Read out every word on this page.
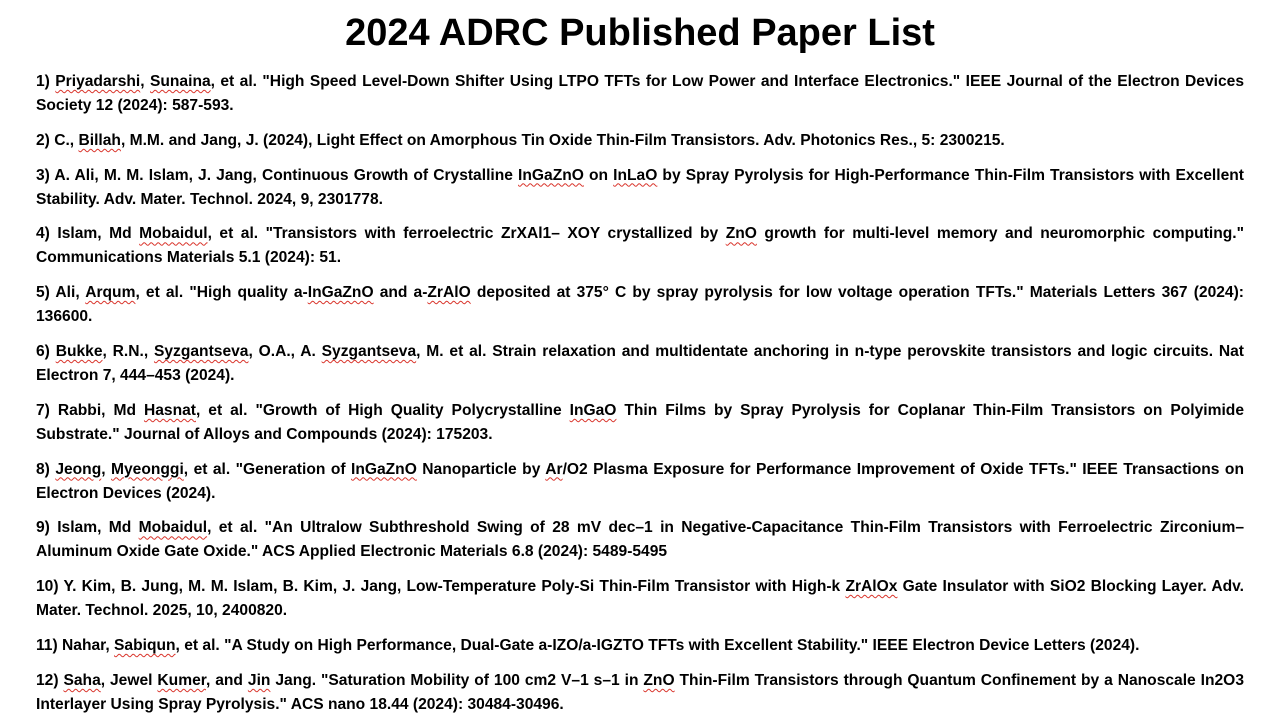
2024 ADRC Published Paper List
1) Priyadarshi, Sunaina, et al. "High Speed Level-Down Shifter Using LTPO TFTs for Low Power and Interface Electronics." IEEE Journal of the Electron Devices Society 12 (2024): 587-593.
2) C., Billah, M.M. and Jang, J. (2024), Light Effect on Amorphous Tin Oxide Thin-Film Transistors. Adv. Photonics Res., 5: 2300215.
3) A. Ali, M. M. Islam, J. Jang, Continuous Growth of Crystalline InGaZnO on InLaO by Spray Pyrolysis for High-Performance Thin-Film Transistors with Excellent Stability. Adv. Mater. Technol. 2024, 9, 2301778.
4) Islam, Md Mobaidul, et al. "Transistors with ferroelectric ZrXAl1– XOY crystallized by ZnO growth for multi-level memory and neuromorphic computing." Communications Materials 5.1 (2024): 51.
5) Ali, Arqum, et al. "High quality a-InGaZnO and a-ZrAlO deposited at 375° C by spray pyrolysis for low voltage operation TFTs." Materials Letters 367 (2024): 136600.
6) Bukke, R.N., Syzgantseva, O.A., A. Syzgantseva, M. et al. Strain relaxation and multidentate anchoring in n-type perovskite transistors and logic circuits. Nat Electron 7, 444–453 (2024).
7) Rabbi, Md Hasnat, et al. "Growth of High Quality Polycrystalline InGaO Thin Films by Spray Pyrolysis for Coplanar Thin-Film Transistors on Polyimide Substrate." Journal of Alloys and Compounds (2024): 175203.
8) Jeong, Myeonggi, et al. "Generation of InGaZnO Nanoparticle by Ar/O2 Plasma Exposure for Performance Improvement of Oxide TFTs." IEEE Transactions on Electron Devices (2024).
9) Islam, Md Mobaidul, et al. "An Ultralow Subthreshold Swing of 28 mV dec–1 in Negative-Capacitance Thin-Film Transistors with Ferroelectric Zirconium–Aluminum Oxide Gate Oxide." ACS Applied Electronic Materials 6.8 (2024): 5489-5495
10) Y. Kim, B. Jung, M. M. Islam, B. Kim, J. Jang, Low-Temperature Poly-Si Thin-Film Transistor with High-k ZrAlOx Gate Insulator with SiO2 Blocking Layer. Adv. Mater. Technol. 2025, 10, 2400820.
11) Nahar, Sabiqun, et al. "A Study on High Performance, Dual-Gate a-IZO/a-IGZTO TFTs with Excellent Stability." IEEE Electron Device Letters (2024).
12) Saha, Jewel Kumer, and Jin Jang. "Saturation Mobility of 100 cm2 V–1 s–1 in ZnO Thin-Film Transistors through Quantum Confinement by a Nanoscale In2O3 Interlayer Using Spray Pyrolysis." ACS nano 18.44 (2024): 30484-30496.
